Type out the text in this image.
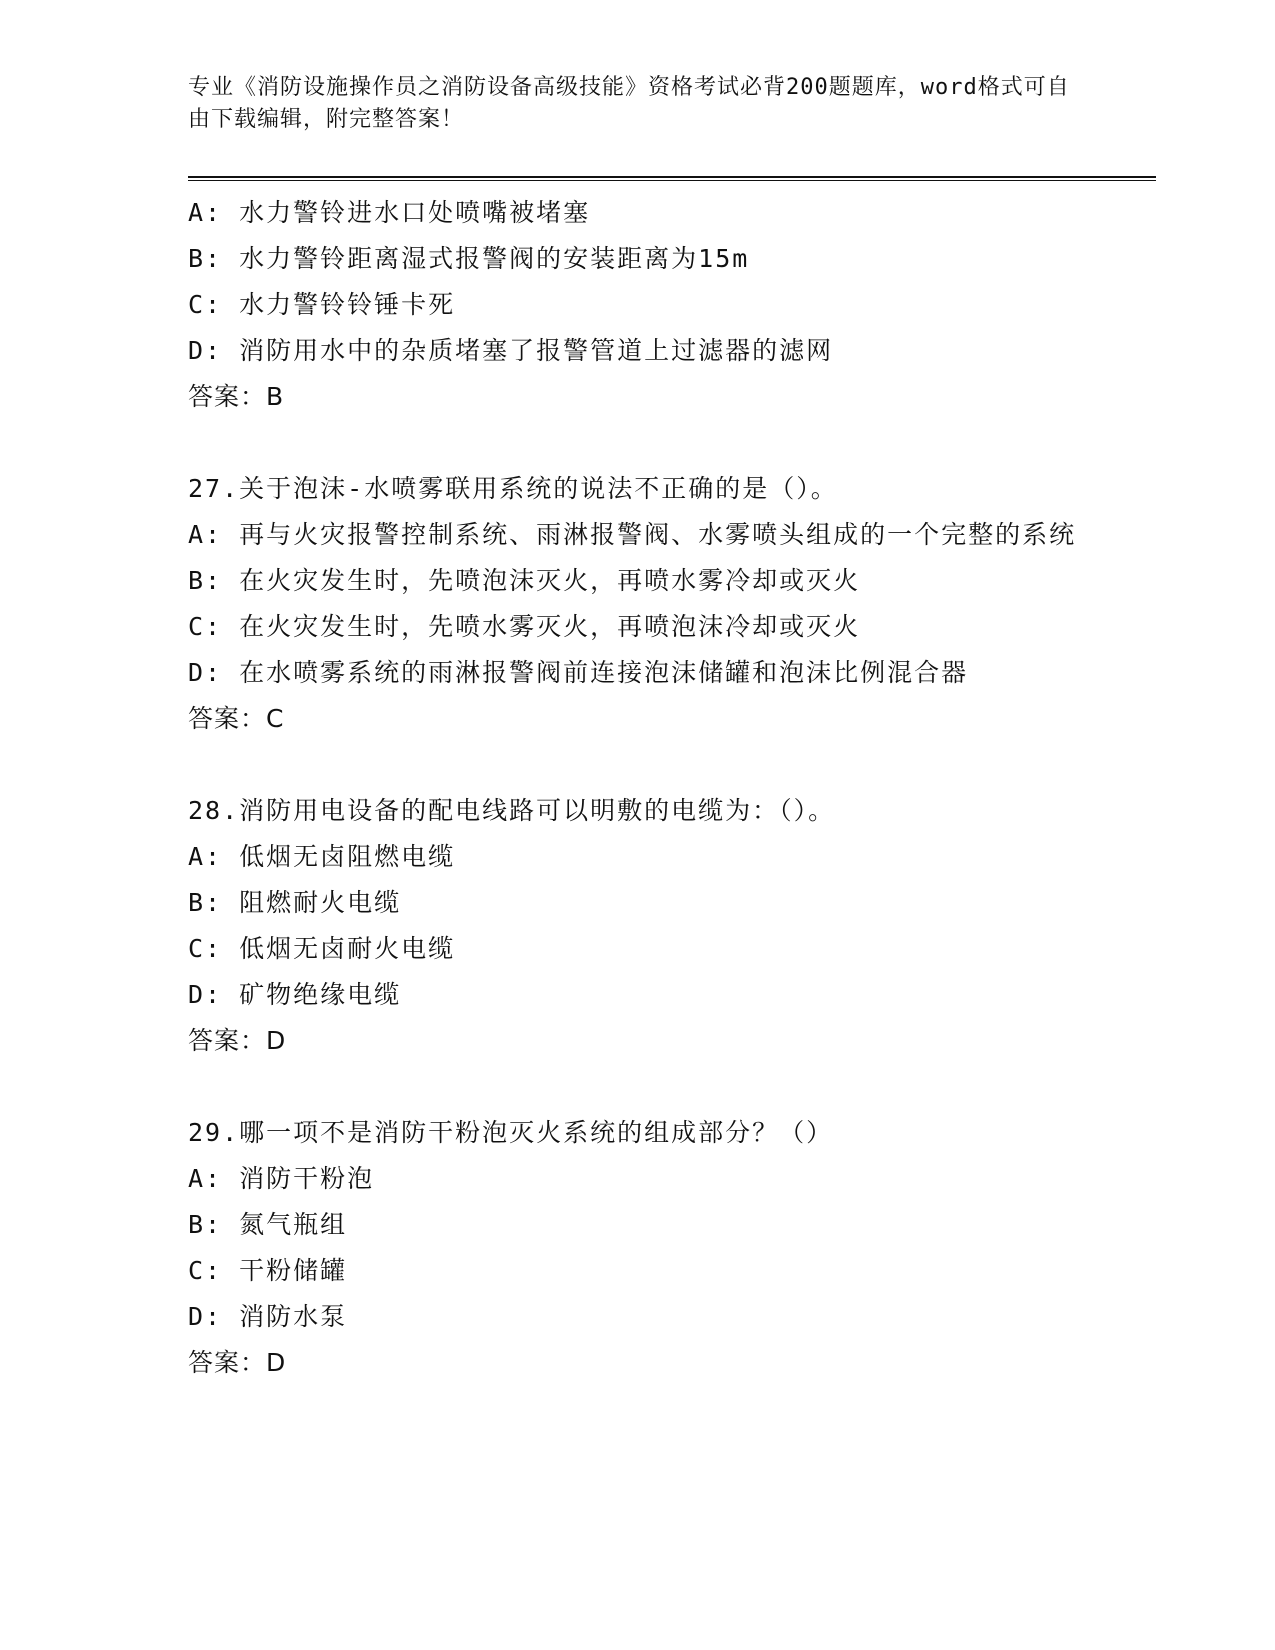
专业《消防设施操作员之消防设备高级技能》资格考试必背200题题库，word格式可自由下载编辑，附完整答案！

A: 水力警铃进水口处喷嘴被堵塞

B: 水力警铃距离湿式报警阀的安装距离为15m

C: 水力警铃铃锤卡死

D: 消防用水中的杂质堵塞了报警管道上过滤器的滤网

答案：B

27.关于泡沫-水喷雾联用系统的说法不正确的是（）。

A: 再与火灾报警控制系统、雨淋报警阀、水雾喷头组成的一个完整的系统

B: 在火灾发生时，先喷泡沫灭火，再喷水雾冷却或灭火

C: 在火灾发生时，先喷水雾灭火，再喷泡沫冷却或灭火

D: 在水喷雾系统的雨淋报警阀前连接泡沫储罐和泡沫比例混合器

答案：C

28.消防用电设备的配电线路可以明敷的电缆为：（）。

A: 低烟无卤阻燃电缆

B: 阻燃耐火电缆

C: 低烟无卤耐火电缆

D: 矿物绝缘电缆

答案：D

29.哪一项不是消防干粉泡灭火系统的组成部分？（）

A: 消防干粉泡

B: 氮气瓶组

C: 干粉储罐

D: 消防水泵

答案：D
